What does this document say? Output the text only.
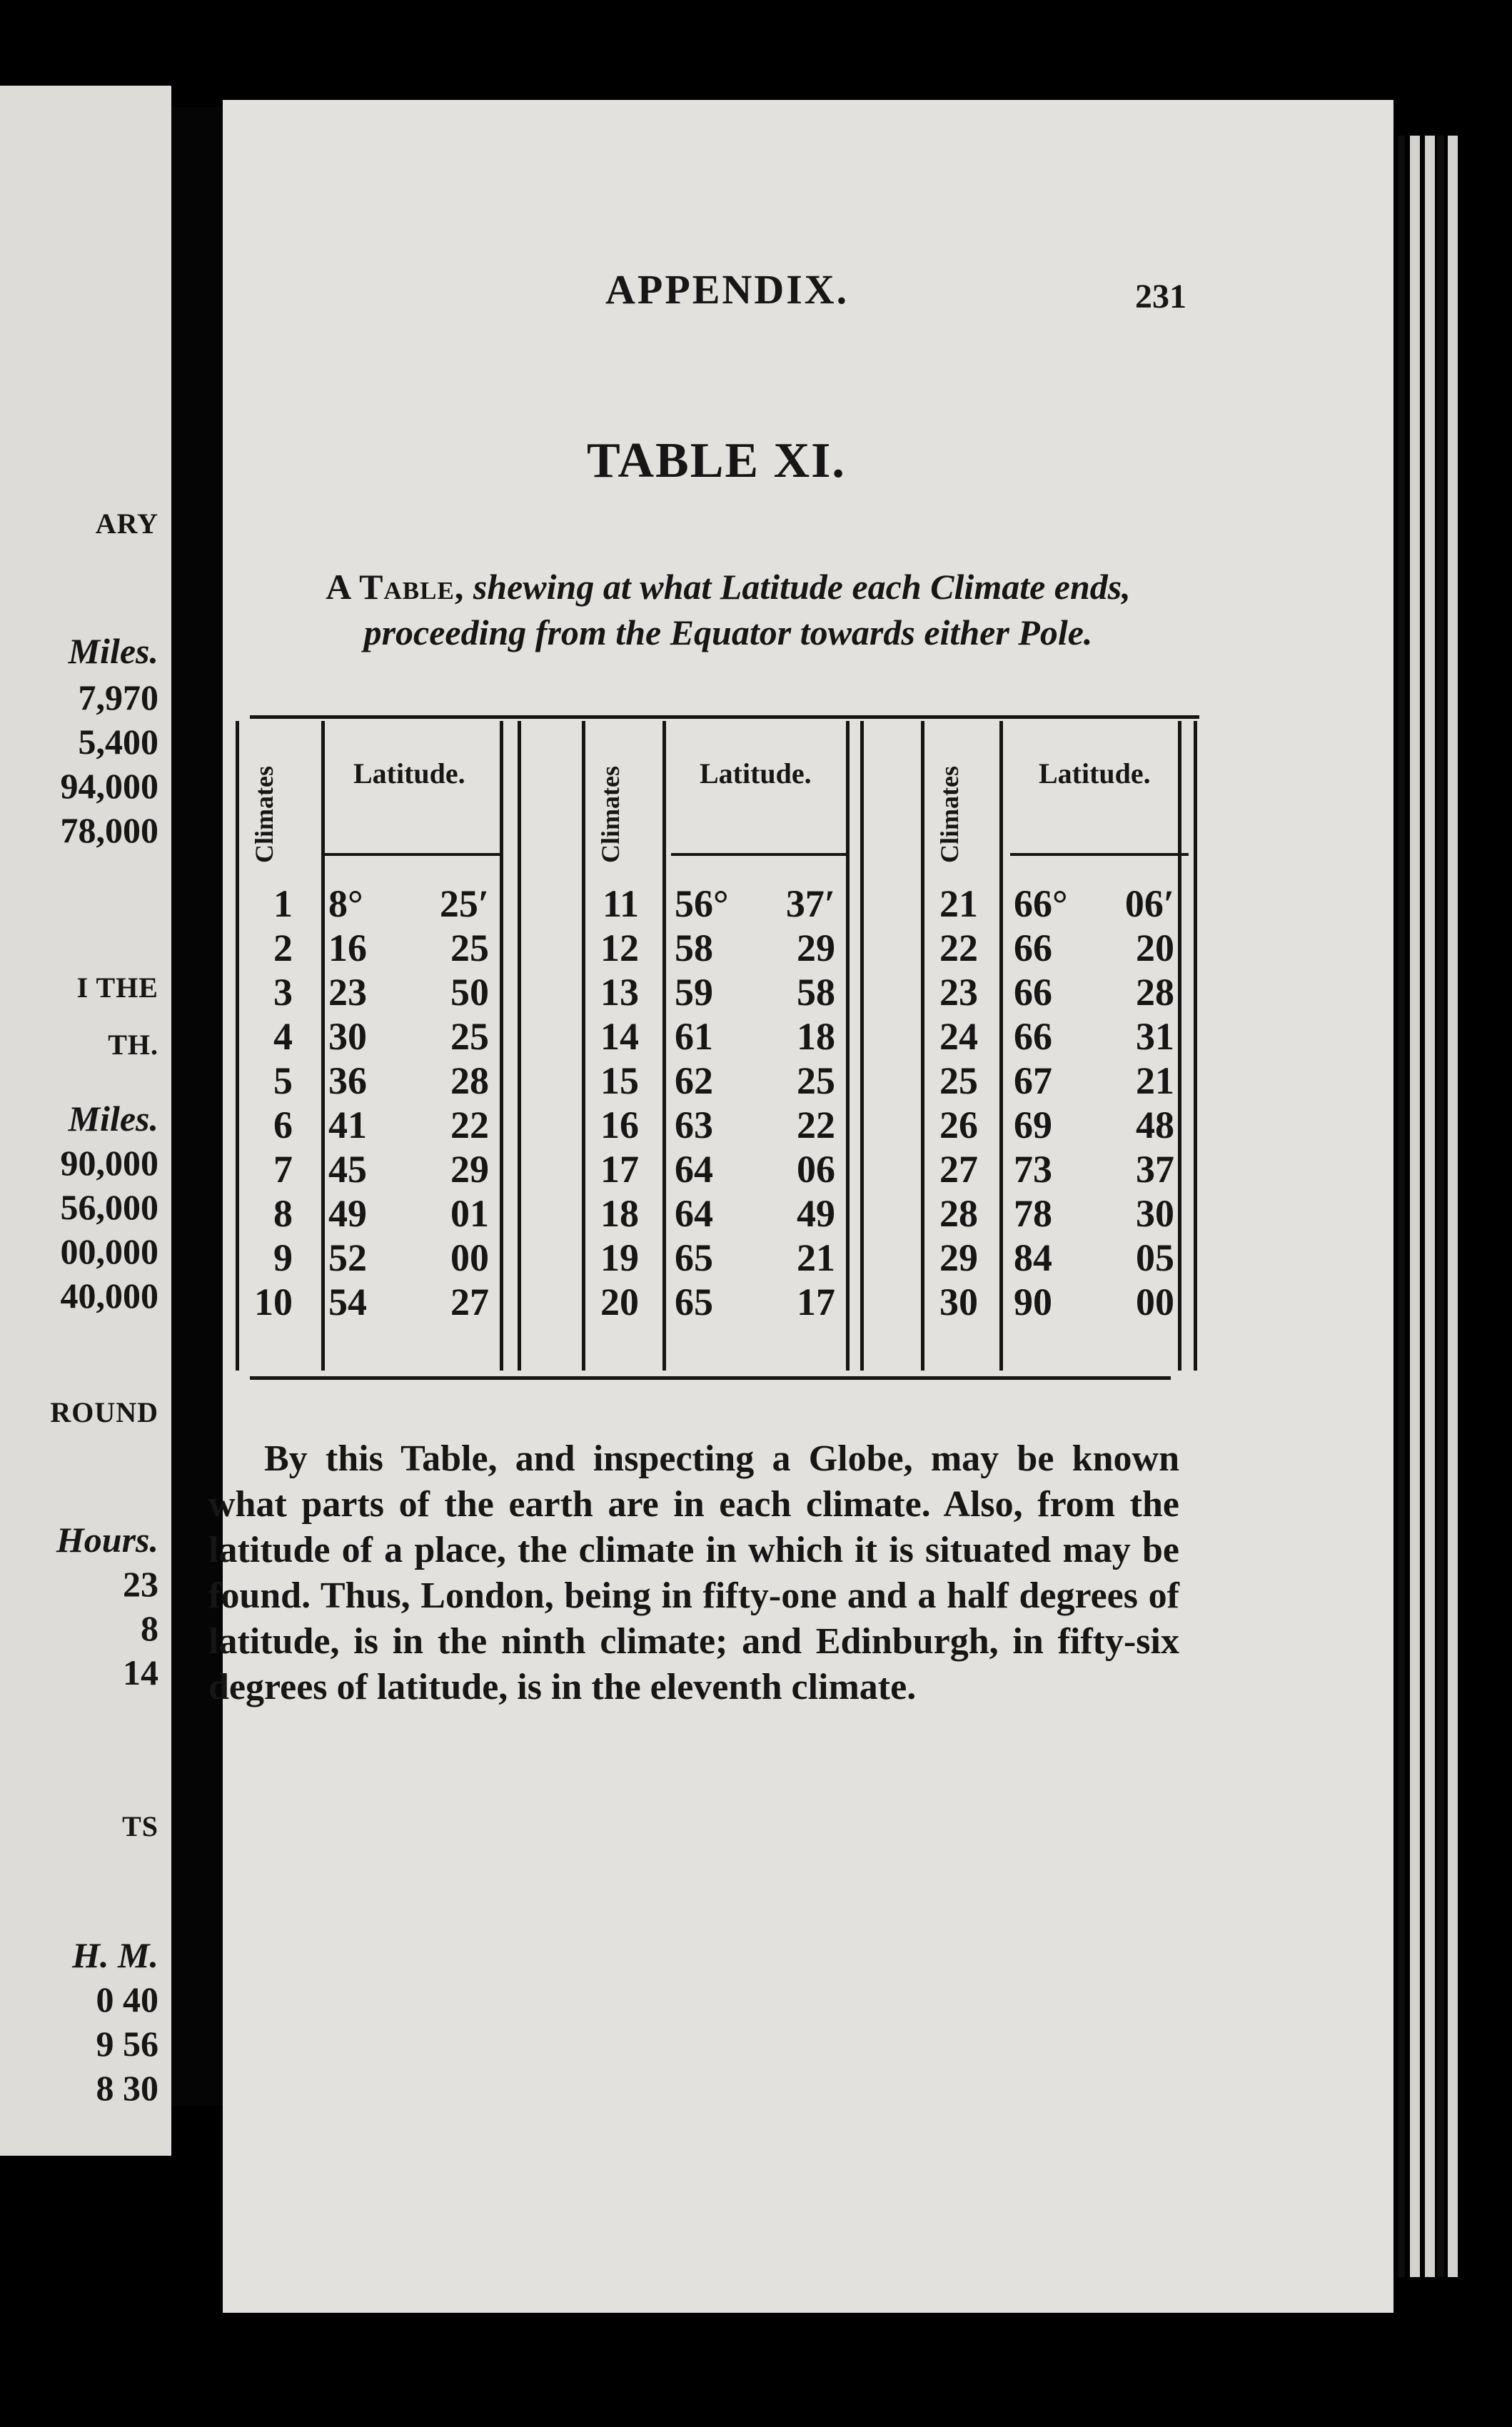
ARY
Miles.
7,970
5,400
94,000
78,000
I THE
TH.
Miles.
90,000
56,000
00,000
40,000
ROUND
Hours.
23
8
14
TS
H. M.
0 40
9 56
8 30
APPENDIX.	231
TABLE XI.
A Table, shewing at what Latitude each Climate ends, proceeding from the Equator towards either Pole.
Climates	Latitude.
1 8°	25′
2 16	25
3 23	50
4 30	25
5 36	28
6 41	22
7 45	29
8 49	01
9 52	00
10 54	27
Climates	Latitude.
11 56°	37′
12 58	29
13 59	58
14 61	18
15 62	25
16 63	22
17 64	06
18 64	49
19 65	21
20 65	17
Climates	Latitude.
21 66°	06′
22 66	20
23 66	28
24 66	31
25 67	21
26 69	48
27 73	37
28 78	30
29 84	05
30 90	00
By this Table, and inspecting a Globe, may be known what parts of the earth are in each climate. Also, from the latitude of a place, the climate in which it is situated may be found. Thus, London, being in fifty-one and a half degrees of latitude, is in the ninth climate; and Edinburgh, in fifty-six degrees of latitude, is in the eleventh climate.
